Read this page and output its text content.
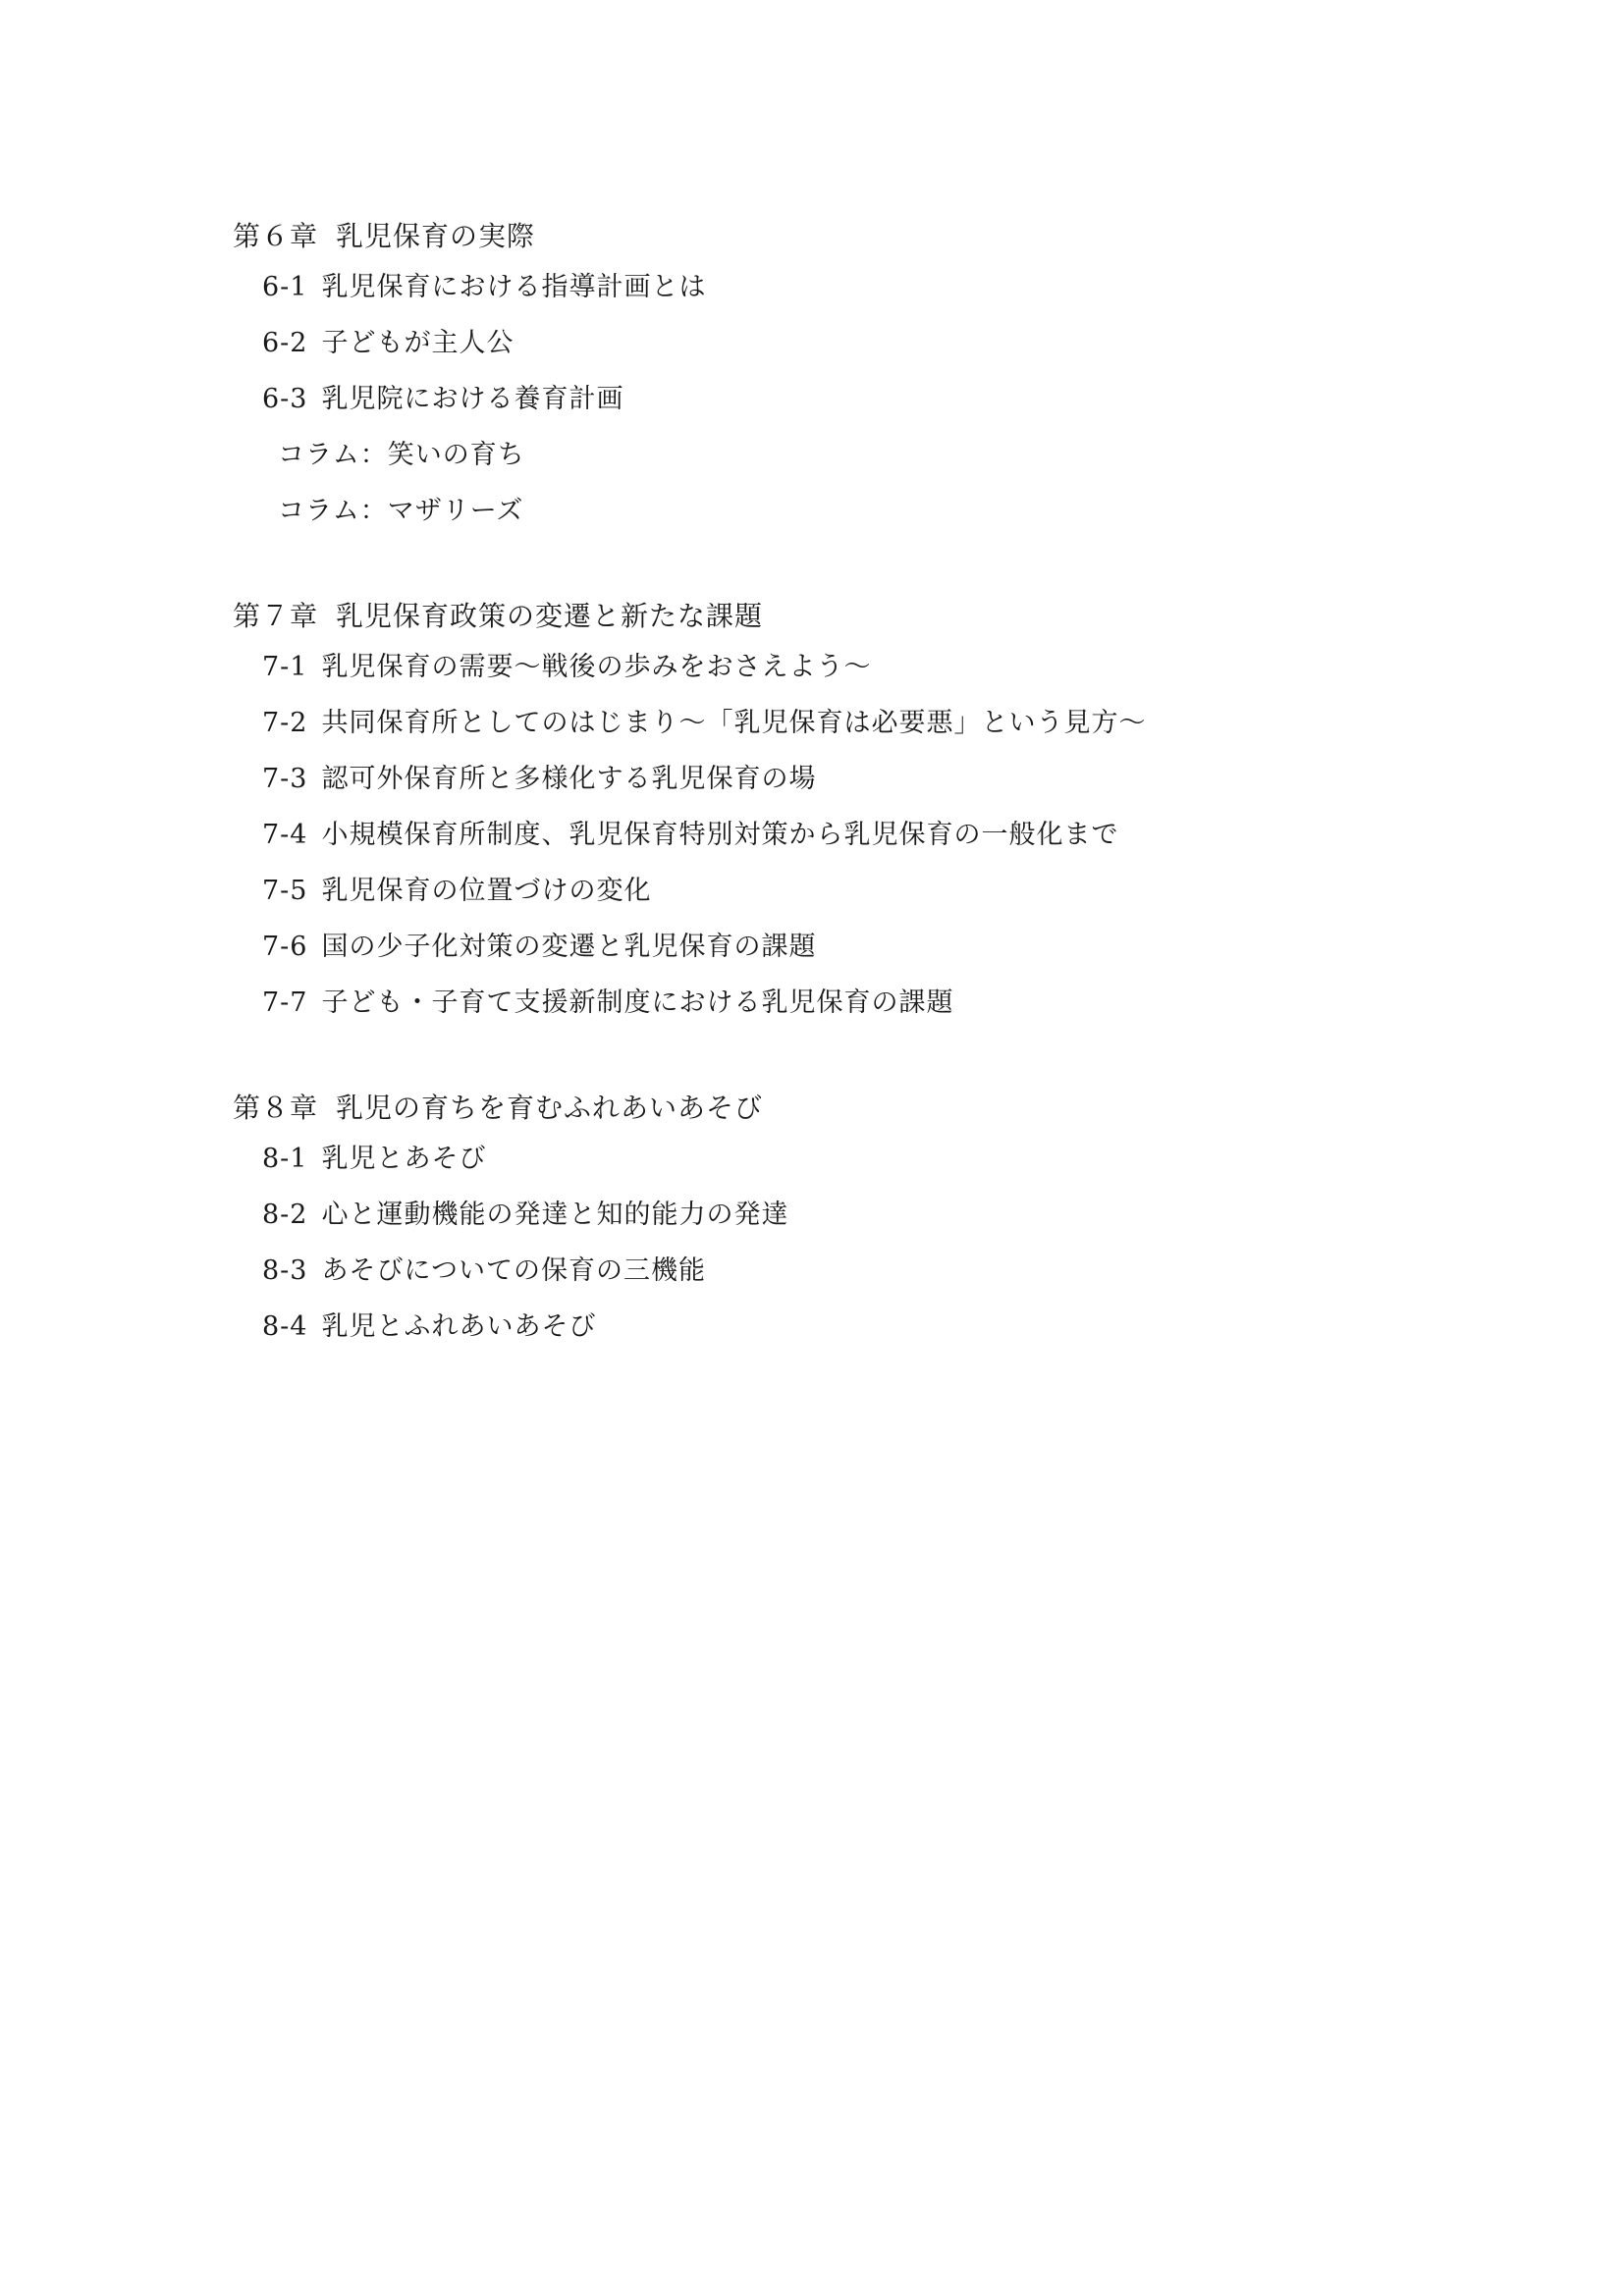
第６章 乳児保育の実際
6-1 乳児保育における指導計画とは
6-2 子どもが主人公
6-3 乳児院における養育計画
コラム：笑いの育ち
コラム：マザリーズ
第７章 乳児保育政策の変遷と新たな課題
7-1 乳児保育の需要〜戦後の歩みをおさえよう〜
7-2 共同保育所としてのはじまり〜「乳児保育は必要悪」という見方〜
7-3 認可外保育所と多様化する乳児保育の場
7-4 小規模保育所制度、乳児保育特別対策から乳児保育の一般化まで
7-5 乳児保育の位置づけの変化
7-6 国の少子化対策の変遷と乳児保育の課題
7-7 子ども・子育て支援新制度における乳児保育の課題
第８章 乳児の育ちを育むふれあいあそび
8-1 乳児とあそび
8-2 心と運動機能の発達と知的能力の発達
8-3 あそびについての保育の三機能
8-4 乳児とふれあいあそび
